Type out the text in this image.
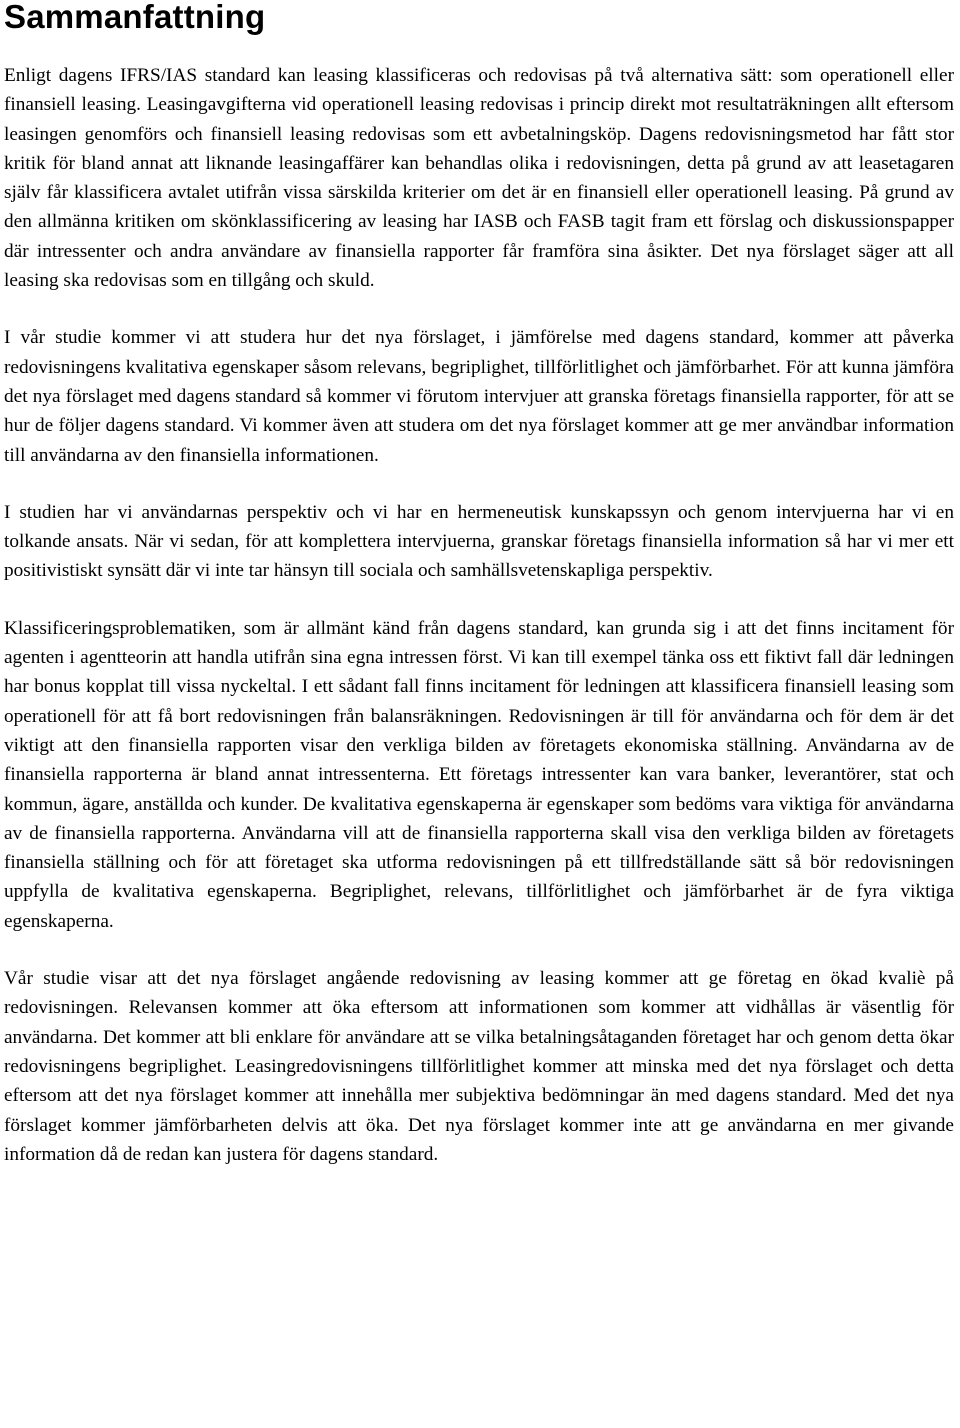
Sammanfattning

Enligt dagens IFRS/IAS standard kan leasing klassificeras och redovisas på två alternativa sätt: som operationell eller finansiell leasing. Leasingavgifterna vid operationell leasing redovisas i princip direkt mot resultaträkningen allt eftersom leasingen genomförs och finansiell leasing redovisas som ett avbetalningsköp. Dagens redovisningsmetod har fått stor kritik för bland annat att liknande leasingaffärer kan behandlas olika i redovisningen, detta på grund av att leasetagaren själv får klassificera avtalet utifrån vissa särskilda kriterier om det är en finansiell eller operationell leasing. På grund av den allmänna kritiken om skönklassificering av leasing har IASB och FASB tagit fram ett förslag och diskussionspapper där intressenter och andra användare av finansiella rapporter får framföra sina åsikter. Det nya förslaget säger att all leasing ska redovisas som en tillgång och skuld.

I vår studie kommer vi att studera hur det nya förslaget, i jämförelse med dagens standard, kommer att påverka redovisningens kvalitativa egenskaper såsom relevans, begriplighet, tillförlitlighet och jämförbarhet. För att kunna jämföra det nya förslaget med dagens standard så kommer vi förutom intervjuer att granska företags finansiella rapporter, för att se hur de följer dagens standard. Vi kommer även att studera om det nya förslaget kommer att ge mer användbar information till användarna av den finansiella informationen.

I studien har vi användarnas perspektiv och vi har en hermeneutisk kunskapssyn och genom intervjuerna har vi en tolkande ansats. När vi sedan, för att komplettera intervjuerna, granskar företags finansiella information så har vi mer ett positivistiskt synsätt där vi inte tar hänsyn till sociala och samhällsvetenskapliga perspektiv.

Klassificeringsproblematiken, som är allmänt känd från dagens standard, kan grunda sig i att det finns incitament för agenten i agentteorin att handla utifrån sina egna intressen först. Vi kan till exempel tänka oss ett fiktivt fall där ledningen har bonus kopplat till vissa nyckeltal. I ett sådant fall finns incitament för ledningen att klassificera finansiell leasing som operationell för att få bort redovisningen från balansräkningen. Redovisningen är till för användarna och för dem är det viktigt att den finansiella rapporten visar den verkliga bilden av företagets ekonomiska ställning. Användarna av de finansiella rapporterna är bland annat intressenterna. Ett företags intressenter kan vara banker, leverantörer, stat och kommun, ägare, anställda och kunder. De kvalitativa egenskaperna är egenskaper som bedöms vara viktiga för användarna av de finansiella rapporterna. Användarna vill att de finansiella rapporterna skall visa den verkliga bilden av företagets finansiella ställning och för att företaget ska utforma redovisningen på ett tillfredställande sätt så bör redovisningen uppfylla de kvalitativa egenskaperna. Begriplighet, relevans, tillförlitlighet och jämförbarhet är de fyra viktiga egenskaperna.

Vår studie visar att det nya förslaget angående redovisning av leasing kommer att ge företag en ökad kvaliè på redovisningen. Relevansen kommer att öka eftersom att informationen som kommer att vidhållas är väsentlig för användarna. Det kommer att bli enklare för användare att se vilka betalningsåtaganden företaget har och genom detta ökar redovisningens begriplighet. Leasingredovisningens tillförlitlighet kommer att minska med det nya förslaget och detta eftersom att det nya förslaget kommer att innehålla mer subjektiva bedömningar än med dagens standard. Med det nya förslaget kommer jämförbarheten delvis att öka. Det nya förslaget kommer inte att ge användarna en mer givande information då de redan kan justera för dagens standard.
